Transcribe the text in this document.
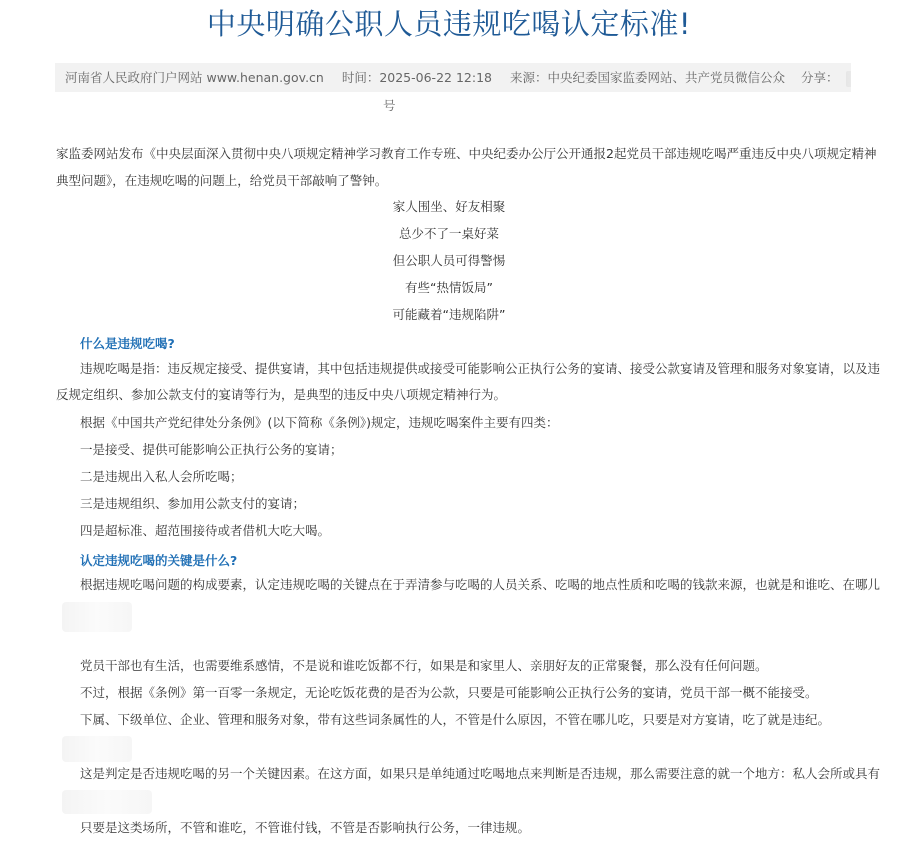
中央明确公职人员违规吃喝认定标准!
河南省人民政府门户网站 www.henan.gov.cn 时间：2025-06-22 12:18 来源：中央纪委国家监委网站、共产党员微信公众 分享：
号
家监委网站发布《中央层面深入贯彻中央八项规定精神学习教育工作专班、中央纪委办公厅公开通报2起党员干部违规吃喝严重违反中央八项规定精神
典型问题》，在违规吃喝的问题上，给党员干部敲响了警钟。
家人围坐、好友相聚
总少不了一桌好菜
但公职人员可得警惕
有些“热情饭局”
可能藏着“违规陷阱”
什么是违规吃喝?
违规吃喝是指：违反规定接受、提供宴请，其中包括违规提供或接受可能影响公正执行公务的宴请、接受公款宴请及管理和服务对象宴请，以及违
反规定组织、参加公款支付的宴请等行为，是典型的违反中央八项规定精神行为。
根据《中国共产党纪律处分条例》(以下简称《条例》)规定，违规吃喝案件主要有四类：
一是接受、提供可能影响公正执行公务的宴请；
二是违规出入私人会所吃喝；
三是违规组织、参加用公款支付的宴请；
四是超标准、超范围接待或者借机大吃大喝。
认定违规吃喝的关键是什么?
根据违规吃喝问题的构成要素，认定违规吃喝的关键点在于弄清参与吃喝的人员关系、吃喝的地点性质和吃喝的钱款来源，也就是和谁吃、在哪儿
党员干部也有生活，也需要维系感情，不是说和谁吃饭都不行，如果是和家里人、亲朋好友的正常聚餐，那么没有任何问题。
不过，根据《条例》第一百零一条规定，无论吃饭花费的是否为公款，只要是可能影响公正执行公务的宴请，党员干部一概不能接受。
下属、下级单位、企业、管理和服务对象，带有这些词条属性的人，不管是什么原因，不管在哪儿吃，只要是对方宴请，吃了就是违纪。
这是判定是否违规吃喝的另一个关键因素。在这方面，如果只是单纯通过吃喝地点来判断是否违规，那么需要注意的就一个地方：私人会所或具有
只要是这类场所，不管和谁吃，不管谁付钱，不管是否影响执行公务，一律违规。
